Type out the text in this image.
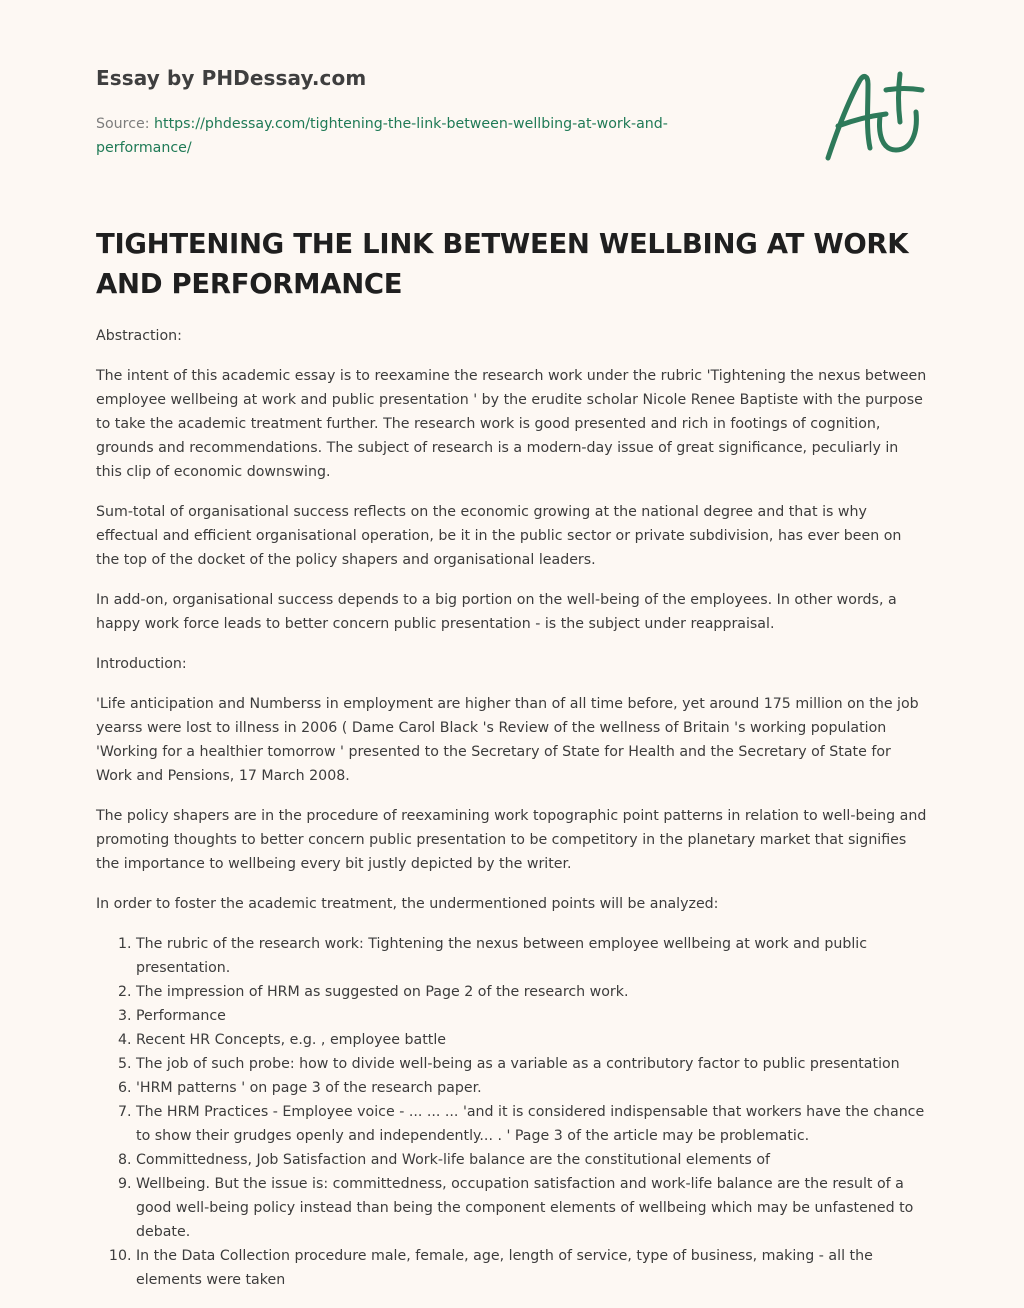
Essay by PHDessay.com
Source: https://phdessay.com/tightening-the-link-between-wellbing-at-work-and-performance/
TIGHTENING THE LINK BETWEEN WELLBING AT WORK AND PERFORMANCE

Abstraction:

The intent of this academic essay is to reexamine the research work under the rubric 'Tightening the nexus between employee wellbeing at work and public presentation ' by the erudite scholar Nicole Renee Baptiste with the purpose to take the academic treatment further. The research work is good presented and rich in footings of cognition, grounds and recommendations. The subject of research is a modern-day issue of great significance, peculiarly in this clip of economic downswing.

Sum-total of organisational success reflects on the economic growing at the national degree and that is why effectual and efficient organisational operation, be it in the public sector or private subdivision, has ever been on the top of the docket of the policy shapers and organisational leaders.

In add-on, organisational success depends to a big portion on the well-being of the employees. In other words, a happy work force leads to better concern public presentation - is the subject under reappraisal.

Introduction:

'Life anticipation and Numberss in employment are higher than of all time before, yet around 175 million on the job yearss were lost to illness in 2006 ( Dame Carol Black 's Review of the wellness of Britain 's working population 'Working for a healthier tomorrow ' presented to the Secretary of State for Health and the Secretary of State for Work and Pensions, 17 March 2008.

The policy shapers are in the procedure of reexamining work topographic point patterns in relation to well-being and promoting thoughts to better concern public presentation to be competitory in the planetary market that signifies the importance to wellbeing every bit justly depicted by the writer.

In order to foster the academic treatment, the undermentioned points will be analyzed:

1. The rubric of the research work: Tightening the nexus between employee wellbeing at work and public presentation.
2. The impression of HRM as suggested on Page 2 of the research work.
3. Performance
4. Recent HR Concepts, e.g. , employee battle
5. The job of such probe: how to divide well-being as a variable as a contributory factor to public presentation
6. 'HRM patterns ' on page 3 of the research paper.
7. The HRM Practices - Employee voice - ... ... ... 'and it is considered indispensable that workers have the chance to show their grudges openly and independently... . ' Page 3 of the article may be problematic.
8. Committedness, Job Satisfaction and Work-life balance are the constitutional elements of
9. Wellbeing. But the issue is: committedness, occupation satisfaction and work-life balance are the result of a good well-being policy instead than being the component elements of wellbeing which may be unfastened to debate.
10. In the Data Collection procedure male, female, age, length of service, type of business, making - all the elements were taken
